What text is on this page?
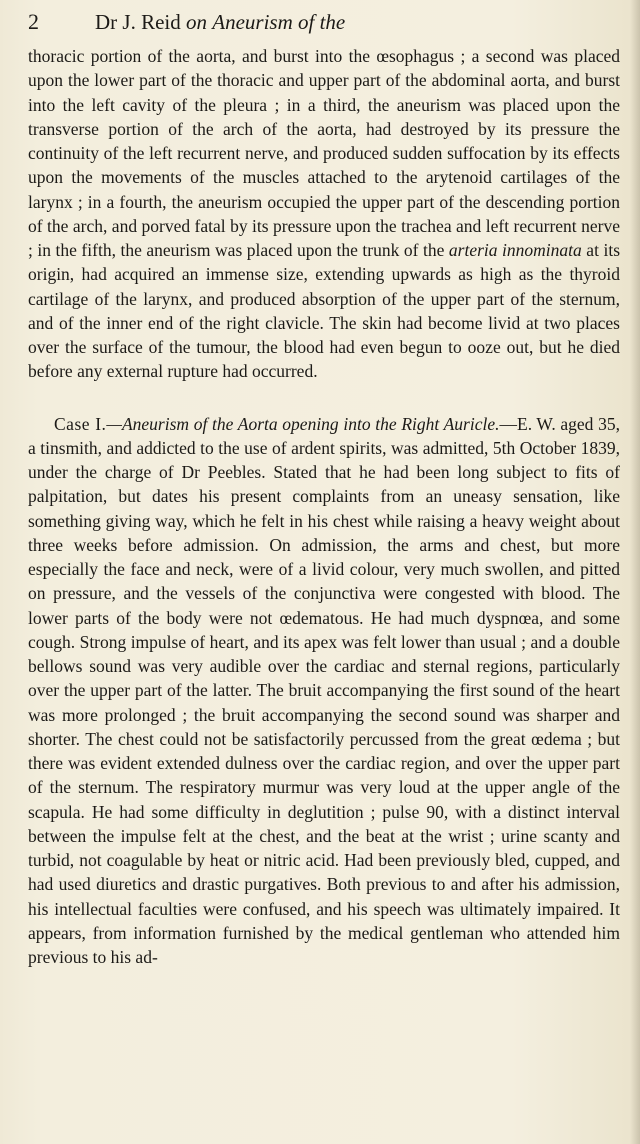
2	Dr J. Reid on Aneurism of the

thoracic portion of the aorta, and burst into the œsophagus ; a second was placed upon the lower part of the thoracic and upper part of the abdominal aorta, and burst into the left cavity of the pleura ; in a third, the aneurism was placed upon the transverse portion of the arch of the aorta, had destroyed by its pressure the continuity of the left recurrent nerve, and produced sudden suffocation by its effects upon the movements of the muscles attached to the arytenoid cartilages of the larynx ; in a fourth, the aneurism occupied the upper part of the descending portion of the arch, and porved fatal by its pressure upon the trachea and left recurrent nerve ; in the fifth, the aneurism was placed upon the trunk of the arteria innominata at its origin, had acquired an immense size, extending upwards as high as the thyroid cartilage of the larynx, and produced absorption of the upper part of the sternum, and of the inner end of the right clavicle. The skin had become livid at two places over the surface of the tumour, the blood had even begun to ooze out, but he died before any external rupture had occurred.

Case I.—Aneurism of the Aorta opening into the Right Auricle.—E. W. aged 35, a tinsmith, and addicted to the use of ardent spirits, was admitted, 5th October 1839, under the charge of Dr Peebles. Stated that he had been long subject to fits of palpitation, but dates his present complaints from an uneasy sensation, like something giving way, which he felt in his chest while raising a heavy weight about three weeks before admission. On admission, the arms and chest, but more especially the face and neck, were of a livid colour, very much swollen, and pitted on pressure, and the vessels of the conjunctiva were congested with blood. The lower parts of the body were not œdematous. He had much dyspnœa, and some cough. Strong impulse of heart, and its apex was felt lower than usual ; and a double bellows sound was very audible over the cardiac and sternal regions, particularly over the upper part of the latter. The bruit accompanying the first sound of the heart was more prolonged ; the bruit accompanying the second sound was sharper and shorter. The chest could not be satisfactorily percussed from the great œdema ; but there was evident extended dulness over the cardiac region, and over the upper part of the sternum. The respiratory murmur was very loud at the upper angle of the scapula. He had some difficulty in deglutition ; pulse 90, with a distinct interval between the impulse felt at the chest, and the beat at the wrist ; urine scanty and turbid, not coagulable by heat or nitric acid. Had been previously bled, cupped, and had used diuretics and drastic purgatives. Both previous to and after his admission, his intellectual faculties were confused, and his speech was ultimately impaired. It appears, from information furnished by the medical gentleman who attended him previous to his ad-
